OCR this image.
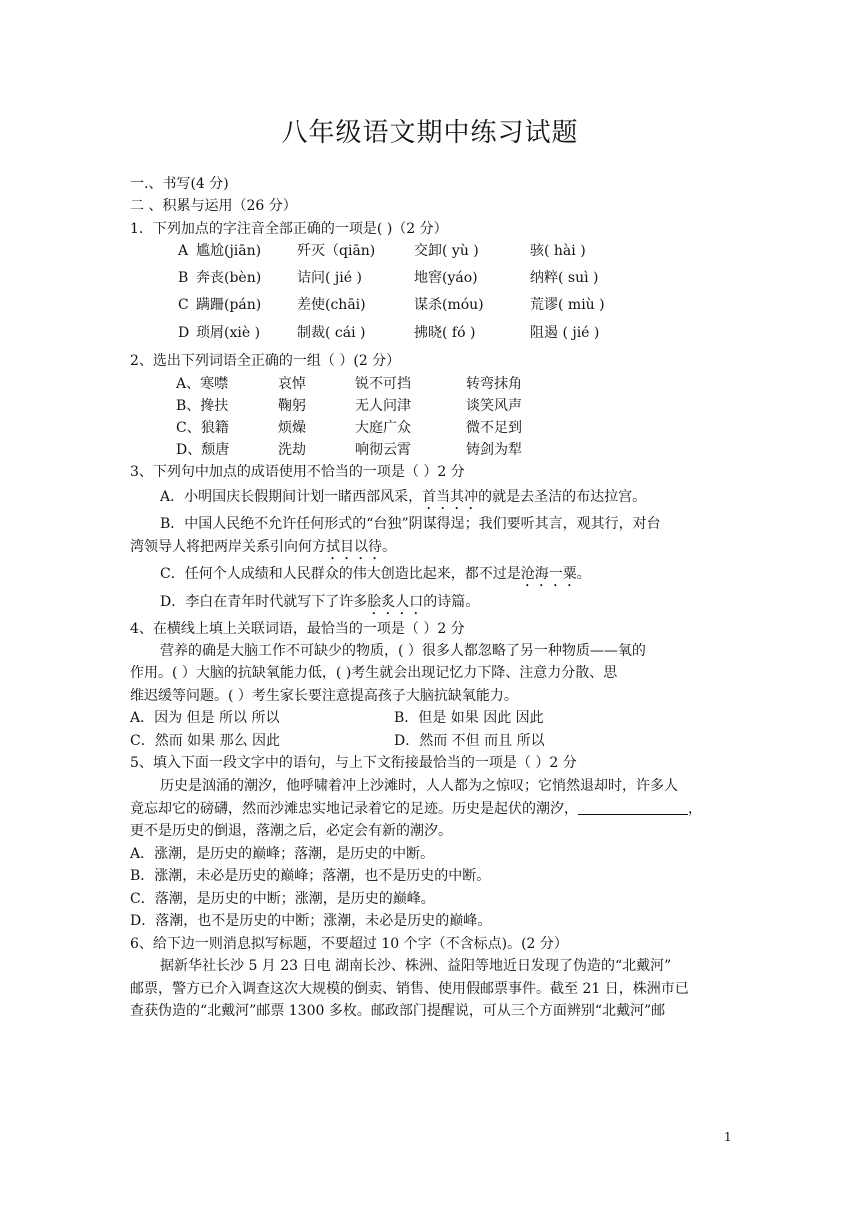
八年级语文期中练习试题
一.、书写(4 分)
二 、积累与运用（26 分）
1．下列加点的字注音全部正确的一项是( )（2 分）
A 尴尬(jiān)	歼灭（qiān)	交卸( yù )	骇( hài )
B 奔丧(bèn)	诘问( jié )	地窖(yáo)	纳粹( suì )
C 蹒跚(pán)	差使(chāi)	谋杀(móu)	荒谬( miù )
D 琐屑(xiè )	制裁( cái )	拂晓( fó )	阻遏 ( jié )
2、选出下列词语全正确的一组（ ）(2 分）
A、寒噤	哀悼	锐不可挡	转弯抹角
B、搀扶	鞠躬	无人问津	谈笑风声
C、狼籍	烦燥	大庭广众	微不足到
D、颓唐	洗劫	响彻云霄	铸剑为犁
3、下列句中加点的成语使用不恰当的一项是（ ）2 分
A．小明国庆长假期间计划一睹西部风采，首当其冲的就是去圣洁的布达拉宫。
B．中国人民绝不允许任何形式的“台独”阴谋得逞；我们要听其言，观其行，对台
湾领导人将把两岸关系引向何方拭目以待。
C．任何个人成绩和人民群众的伟大创造比起来，都不过是沧海一粟。
D．李白在青年时代就写下了许多脍炙人口的诗篇。
4、在横线上填上关联词语，最恰当的一项是（ ）2 分
营养的确是大脑工作不可缺少的物质，( ）很多人都忽略了另一种物质——氧的
作用。( ）大脑的抗缺氧能力低，( )考生就会出现记忆力下降、注意力分散、思
维迟缓等问题。( ）考生家长要注意提高孩子大脑抗缺氧能力。
A．因为 但是 所以 所以	B．但是 如果 因此 因此
C．然而 如果 那么 因此	D．然而 不但 而且 所以
5、填入下面一段文字中的语句，与上下文衔接最恰当的一项是（ ）2 分
历史是汹涌的潮汐，他呼啸着冲上沙滩时，人人都为之惊叹；它悄然退却时，许多人
竟忘却它的磅礴，然而沙滩忠实地记录着它的足迹。历史是起伏的潮汐，	，
更不是历史的倒退，落潮之后，必定会有新的潮汐。
A．涨潮，是历史的巅峰；落潮，是历史的中断。
B．涨潮，未必是历史的巅峰；落潮，也不是历史的中断。
C．落潮，是历史的中断；涨潮，是历史的巅峰。
D．落潮，也不是历史的中断；涨潮，未必是历史的巅峰。
6、给下边一则消息拟写标题，不要超过 10 个字（不含标点)。(2 分）
据新华社长沙 5 月 23 日电 湖南长沙、株洲、益阳等地近日发现了伪造的“北戴河”
邮票，警方已介入调查这次大规模的倒卖、销售、使用假邮票事件。截至 21 日，株洲市已
查获伪造的“北戴河”邮票 1300 多枚。邮政部门提醒说，可从三个方面辨别“北戴河”邮
1
